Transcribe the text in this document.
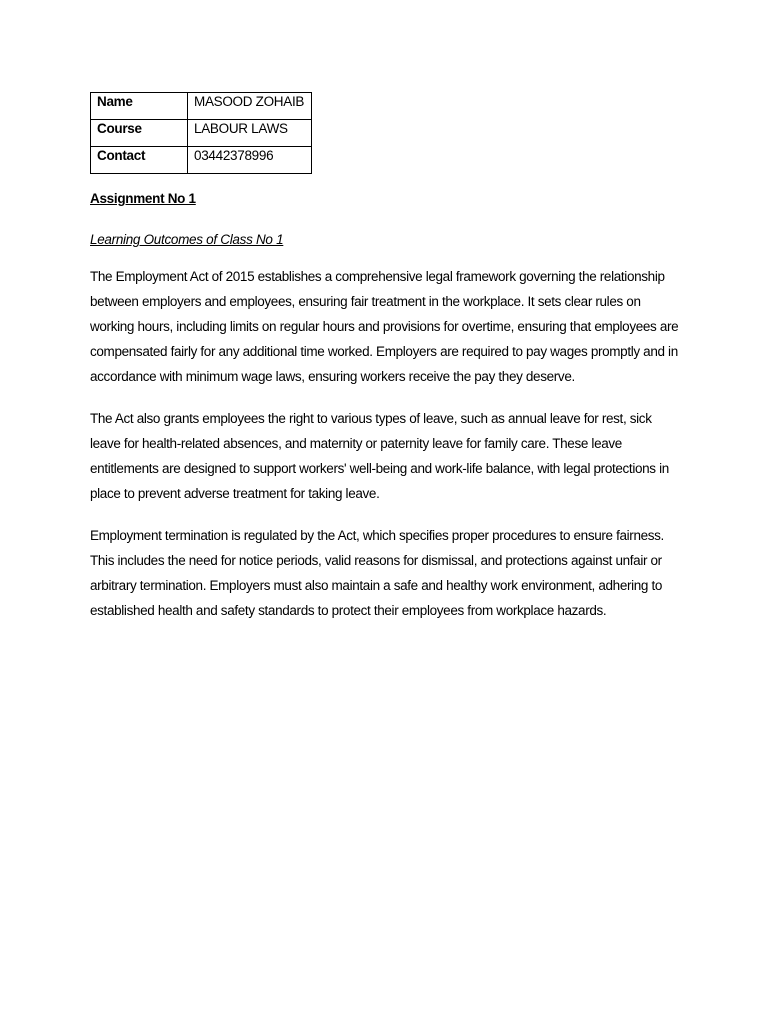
Name	MASOOD ZOHAIB
Course	LABOUR LAWS
Contact	03442378996
Assignment No 1
Learning Outcomes of Class No 1

The Employment Act of 2015 establishes a comprehensive legal framework governing the relationship between employers and employees, ensuring fair treatment in the workplace. It sets clear rules on working hours, including limits on regular hours and provisions for overtime, ensuring that employees are compensated fairly for any additional time worked. Employers are required to pay wages promptly and in accordance with minimum wage laws, ensuring workers receive the pay they deserve.

The Act also grants employees the right to various types of leave, such as annual leave for rest, sick leave for health-related absences, and maternity or paternity leave for family care. These leave entitlements are designed to support workers' well-being and work-life balance, with legal protections in place to prevent adverse treatment for taking leave.

Employment termination is regulated by the Act, which specifies proper procedures to ensure fairness. This includes the need for notice periods, valid reasons for dismissal, and protections against unfair or arbitrary termination. Employers must also maintain a safe and healthy work environment, adhering to established health and safety standards to protect their employees from workplace hazards.
